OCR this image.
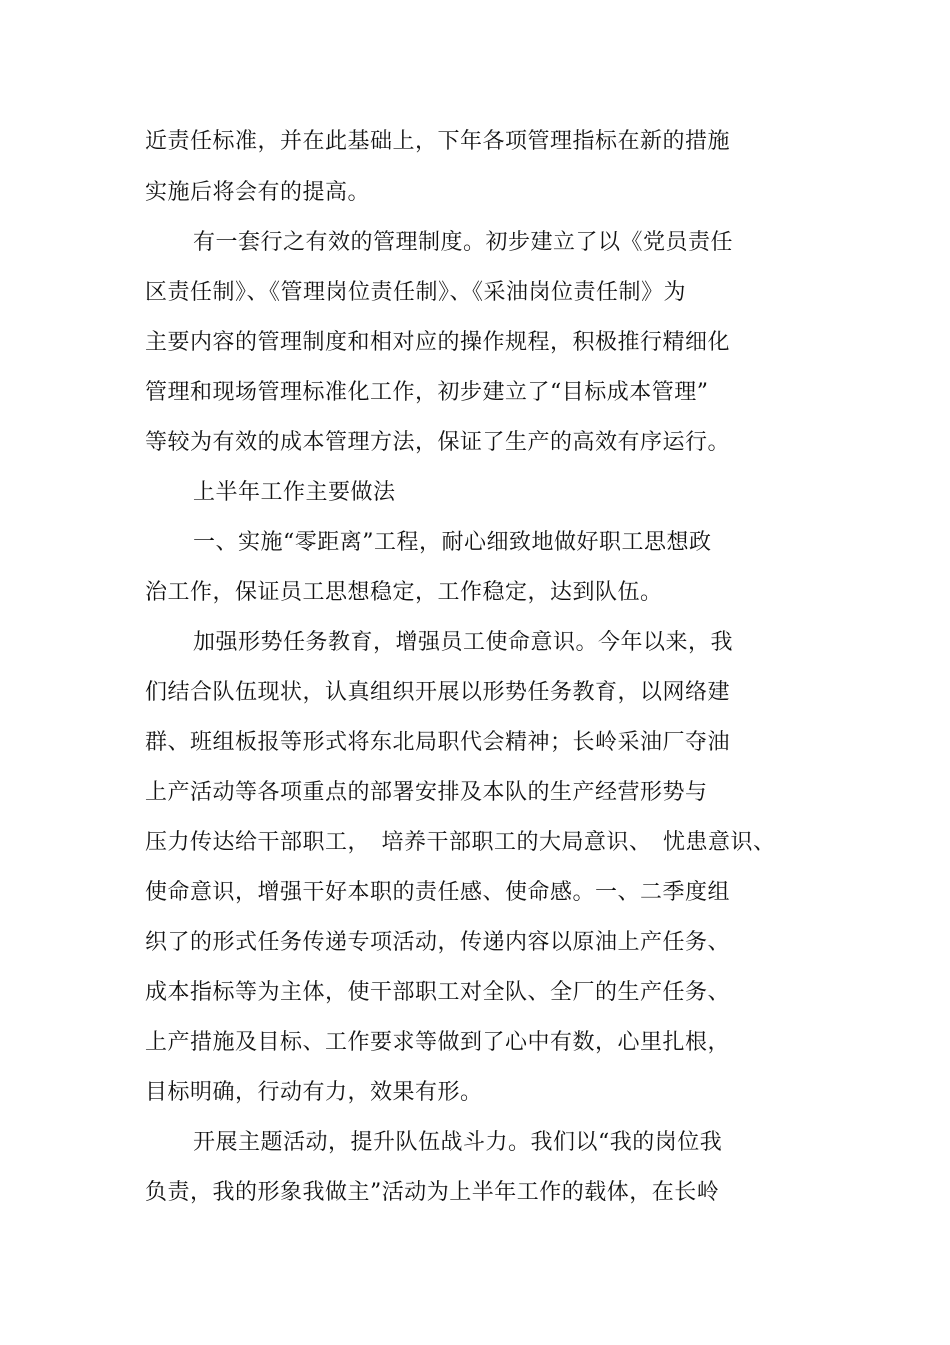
近责任标准，并在此基础上，下年各项管理指标在新的措施
实施后将会有的提高。
有一套行之有效的管理制度。初步建立了以《党员责任
区责任制》、《管理岗位责任制》、《采油岗位责任制》为
主要内容的管理制度和相对应的操作规程，积极推行精细化
管理和现场管理标准化工作，初步建立了“目标成本管理”
等较为有效的成本管理方法，保证了生产的高效有序运行。
上半年工作主要做法
一、实施“零距离”工程，耐心细致地做好职工思想政
治工作，保证员工思想稳定，工作稳定，达到队伍。
加强形势任务教育，增强员工使命意识。今年以来，我
们结合队伍现状，认真组织开展以形势任务教育，以网络建
群、班组板报等形式将东北局职代会精神；长岭采油厂夺油
上产活动等各项重点的部署安排及本队的生产经营形势与
压力传达给干部职工，　培养干部职工的大局意识、　忧患意识、
使命意识，增强干好本职的责任感、使命感。一、二季度组
织了的形式任务传递专项活动，传递内容以原油上产任务、
成本指标等为主体，使干部职工对全队、全厂的生产任务、
上产措施及目标、工作要求等做到了心中有数，心里扎根，
目标明确，行动有力，效果有形。
开展主题活动，提升队伍战斗力。我们以“我的岗位我
负责，我的形象我做主”活动为上半年工作的载体，在长岭
